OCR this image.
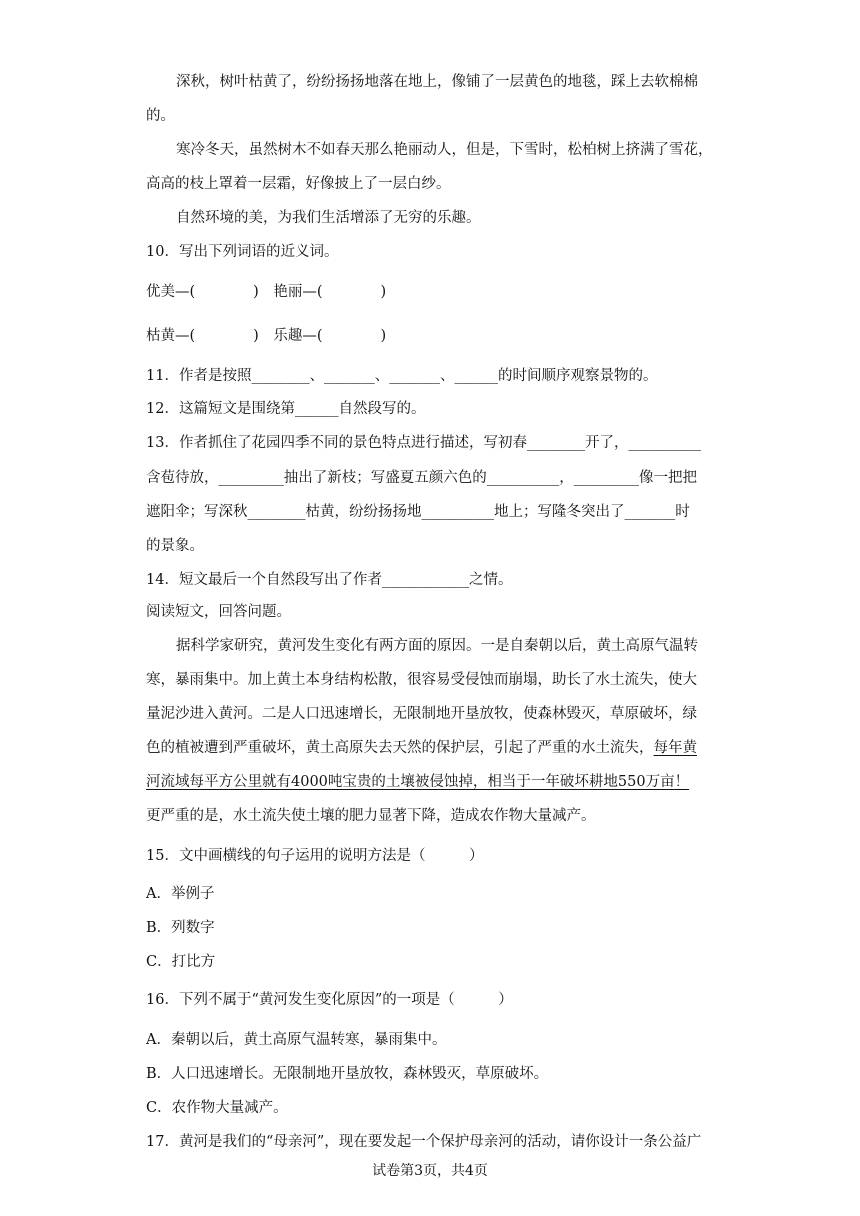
深秋，树叶枯黄了，纷纷扬扬地落在地上，像铺了一层黄色的地毯，踩上去软棉棉
的。
寒冷冬天，虽然树木不如春天那么艳丽动人，但是，下雪时，松柏树上挤满了雪花，
高高的枝上罩着一层霜，好像披上了一层白纱。
自然环境的美，为我们生活增添了无穷的乐趣。
10．写出下列词语的近义词。
优美—(　　　　)　艳丽—(　　　　)
枯黄—(　　　　)　乐趣—(　　　　)
11．作者是按照________、_______、_______、______的时间顺序观察景物的。
12．这篇短文是围绕第______自然段写的。
13．作者抓住了花园四季不同的景色特点进行描述，写初春________开了，__________
含苞待放，_________抽出了新枝；写盛夏五颜六色的__________，_________像一把把
遮阳伞；写深秋________枯黄，纷纷扬扬地__________地上；写隆冬突出了_______时
的景象。
14．短文最后一个自然段写出了作者____________之情。
阅读短文，回答问题。
据科学家研究，黄河发生变化有两方面的原因。一是自秦朝以后，黄土高原气温转
寒，暴雨集中。加上黄土本身结构松散，很容易受侵蚀而崩塌，助长了水土流失，使大
量泥沙进入黄河。二是人口迅速增长，无限制地开垦放牧，使森林毁灭，草原破坏，绿
色的植被遭到严重破坏，黄土高原失去天然的保护层，引起了严重的水土流失，每年黄
河流域每平方公里就有4000吨宝贵的土壤被侵蚀掉，相当于一年破坏耕地550万亩！
更严重的是，水土流失使土壤的肥力显著下降，造成农作物大量减产。
15．文中画横线的句子运用的说明方法是（　　　）
A．举例子
B．列数字
C．打比方
16．下列不属于“黄河发生变化原因”的一项是（　　　）
A．秦朝以后，黄土高原气温转寒，暴雨集中。
B．人口迅速增长。无限制地开垦放牧，森林毁灭，草原破坏。
C．农作物大量减产。
17．黄河是我们的“母亲河”，现在要发起一个保护母亲河的活动，请你设计一条公益广
试卷第3页，共4页
